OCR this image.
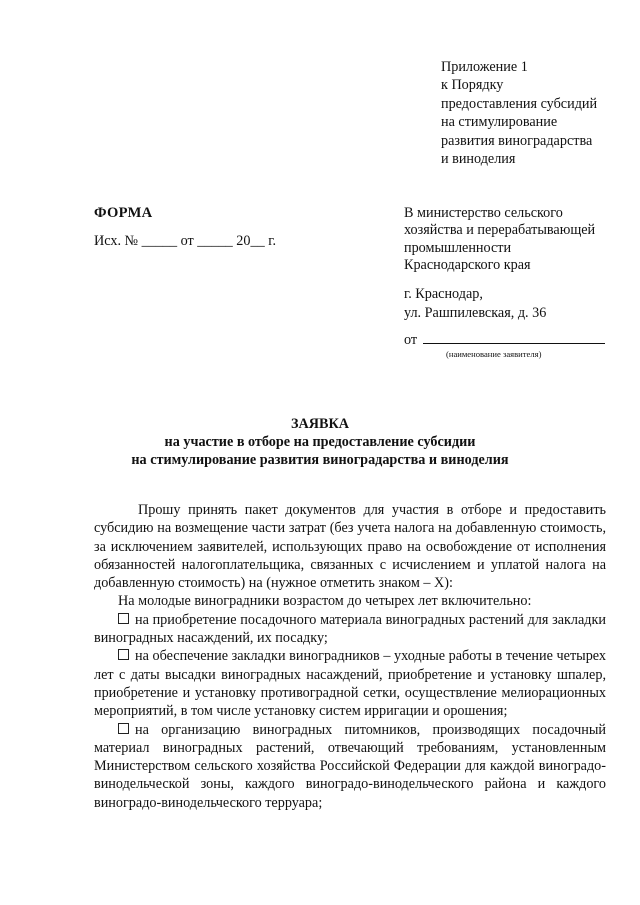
Приложение 1
к Порядку
предоставления субсидий
на стимулирование
развития виноградарства
и виноделия
ФОРМА
Исх. № _____ от _____ 20__ г.
В министерство сельского
хозяйства и перерабатывающей
промышленности
Краснодарского края
г. Краснодар,
ул. Рашпилевская, д. 36
от
(наименование заявителя)
ЗАЯВКА
на участие в отборе на предоставление субсидии
на стимулирование развития виноградарства и виноделия

Прошу принять пакет документов для участия в отборе и предоставить субсидию на возмещение части затрат (без учета налога на добавленную стоимость, за исключением заявителей, использующих право на освобождение от исполнения обязанностей налогоплательщика, связанных с исчислением и уплатой налога на добавленную стоимость) на (нужное отметить знаком – Х):

На молодые виноградники возрастом до четырех лет включительно:

на приобретение посадочного материала виноградных растений для закладки виноградных насаждений, их посадку;

на обеспечение закладки виноградников – уходные работы в течение четырех лет с даты высадки виноградных насаждений, приобретение и установку шпалер, приобретение и установку противоградной сетки, осуществление мелиорационных мероприятий, в том числе установку систем ирригации и орошения;

на организацию виноградных питомников, производящих посадочный материал виноградных растений, отвечающий требованиям, установленным Министерством сельского хозяйства Российской Федерации для каждой виноградо-винодельческой зоны, каждого виноградо-винодельческого района и каждого виноградо-винодельческого терруара;
